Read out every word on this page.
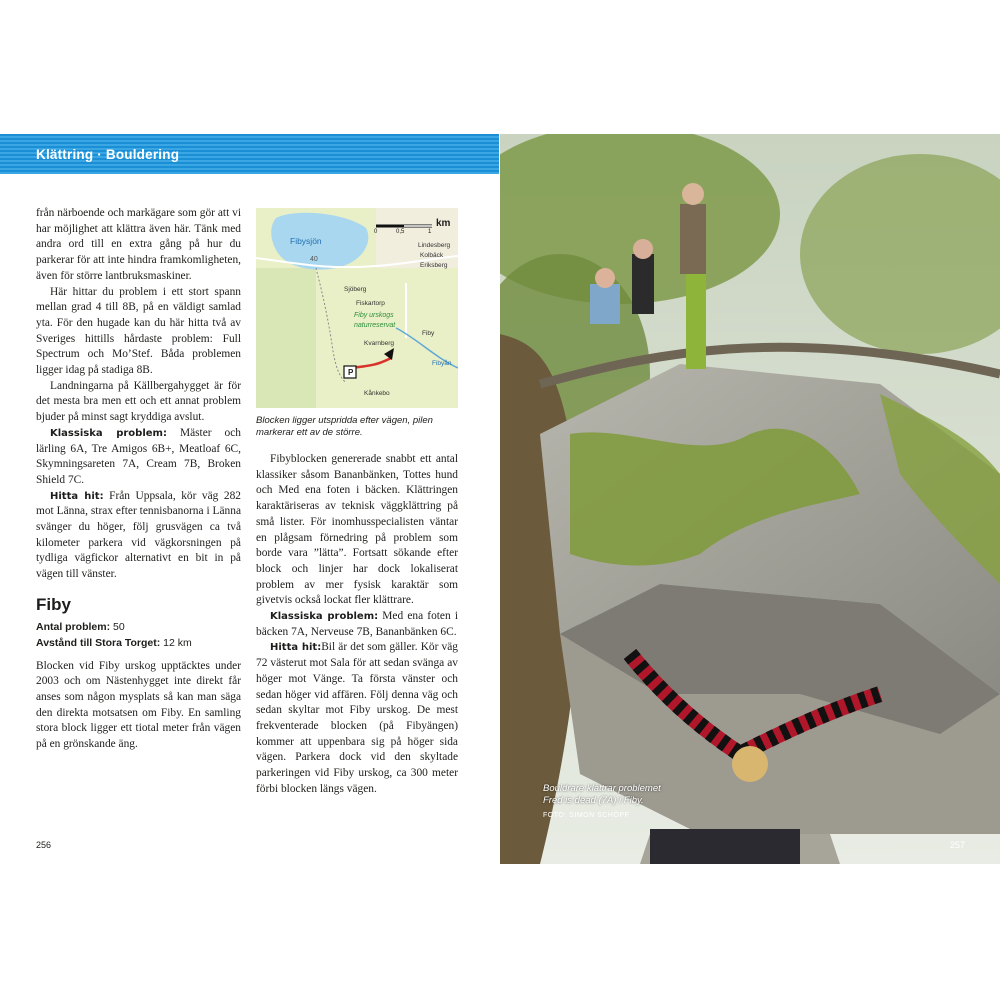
Klättring · Bouldering

från närboende och markägare som gör att vi har möjlighet att klättra även här. Tänk med andra ord till en extra gång på hur du parkerar för att inte hindra framkomligheten, även för större lantbruksmaskiner.

Här hittar du problem i ett stort spann mellan grad 4 till 8B, på en väldigt samlad yta. För den hugade kan du här hitta två av Sveriges hittills hårdaste problem: Full Spectrum och Mo’Stef. Båda problemen ligger idag på stadiga 8B.

Landningarna på Källbergahygget är för det mesta bra men ett och ett annat problem bjuder på minst sagt kryddiga avslut.

Klassiska problem: Mäster och lärling 6A, Tre Amigos 6B+, Meatloaf 6C, Skymningsareten 7A, Cream 7B, Broken Shield 7C.

Hitta hit: Från Uppsala, kör väg 282 mot Länna, strax efter tennisbanorna i Länna svänger du höger, följ grusvägen ca två kilometer parkera vid vägkorsningen på tydliga vägfickor alternativt en bit in på vägen till vänster.

Fiby
Antal problem: 50
Avstånd till Stora Torget: 12 km

Blocken vid Fiby urskog upptäcktes under 2003 och om Nästenhygget inte direkt får anses som någon mysplats så kan man säga den direkta motsatsen om Fiby. En samling stora block ligger ett tiotal meter från vägen på en grönskande äng.

P
0	0,5	1
km
Fibysjön
40
Lindesberg
Kolbäck
Eriksberg
Sjöberg
Fiskartorp
Fiby
Kvarnberg
Kånkebo
Fibyån
Fiby urskogs
naturreservat
Blocken ligger utspridda efter vägen, pilen markerar ett av de större.

Fibyblocken genererade snabbt ett antal klassiker såsom Bananbänken, Tottes hund och Med ena foten i bäcken. Klättringen karaktäriseras av teknisk väggklättring på små lister. För inomhusspecialisten väntar en plågsam förnedring på problem som borde vara ”lätta”. Fortsatt sökande efter block och linjer har dock lokaliserat problem av mer fysisk karaktär som givetvis också lockat fler klättrare.

Klassiska problem: Med ena foten i bäcken 7A, Nerveuse 7B, Bananbänken 6C.

Hitta hit:Bil är det som gäller. Kör väg 72 västerut mot Sala för att sedan svänga av höger mot Vänge. Ta första vänster och sedan höger vid affären. Följ denna väg och sedan skyltar mot Fiby urskog. De mest frekventerade blocken (på Fibyängen) kommer att uppenbara sig på höger sida vägen. Parkera dock vid den skyltade parkeringen vid Fiby urskog, ca 300 meter förbi blocken längs vägen.

256
Bouldrare klättrar problemet
Fred is dead (7A) i Fiby.
FOTO: SIMON SCHÖPF
257
